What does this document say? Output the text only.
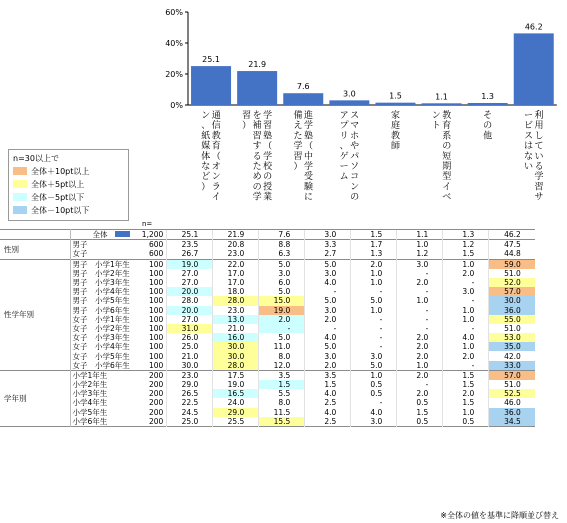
0%
20%
40%
60%
25.1
通信教育（オンライン、紙媒体など）
21.9
学習塾（学校の授業を補習するための学習）
7.6
進学塾（中学受験に備えた学習）
3.0
スマホやパソコンのアプリ、ゲーム
1.5
家庭教師
1.1
教育系の短期型イベント
1.3
その他
46.2
利用している学習サービスはない
n=30以上で
全体＋10pt以上
全体＋5pt以上
全体－5pt以下
全体－10pt以下
n=
	全体	1,200	25.1	21.9	7.6	3.0	1.5	1.1	1.3	46.2
性別	男子	600	23.5	20.8	8.8	3.3	1.7	1.0	1.2	47.5
	女子	600	26.7	23.0	6.3	2.7	1.3	1.2	1.5	44.8
性学年別	男子　小学1年生	100	19.0	22.0	5.0	5.0	2.0	3.0	1.0	59.0
	男子　小学2年生	100	27.0	17.0	3.0	3.0	1.0	-	2.0	51.0
	男子　小学3年生	100	27.0	17.0	6.0	4.0	1.0	2.0	-	52.0
	男子　小学4年生	100	20.0	18.0	5.0	-	-	-	3.0	57.0
	男子　小学5年生	100	28.0	28.0	15.0	5.0	5.0	1.0	-	30.0
	男子　小学6年生	100	20.0	23.0	19.0	3.0	1.0	-	1.0	36.0
	女子　小学1年生	100	27.0	13.0	2.0	2.0	-	-	1.0	55.0
	女子　小学2年生	100	31.0	21.0	-	-	-	-	-	51.0
	女子　小学3年生	100	26.0	16.0	5.0	4.0	-	2.0	4.0	53.0
	女子　小学4年生	100	25.0	30.0	11.0	5.0	-	2.0	1.0	35.0
	女子　小学5年生	100	21.0	30.0	8.0	3.0	3.0	2.0	2.0	42.0
	女子　小学6年生	100	30.0	28.0	12.0	2.0	5.0	1.0	-	33.0
学年別	小学1年生	200	23.0	17.5	3.5	3.5	1.0	2.0	1.5	57.0
	小学2年生	200	29.0	19.0	1.5	1.5	0.5	-	1.5	51.0
	小学3年生	200	26.5	16.5	5.5	4.0	0.5	2.0	2.0	52.5
	小学4年生	200	22.5	24.0	8.0	2.5	-	0.5	1.5	46.0
	小学5年生	200	24.5	29.0	11.5	4.0	4.0	1.5	1.0	36.0
	小学6年生	200	25.0	25.5	15.5	2.5	3.0	0.5	0.5	34.5
※全体の値を基準に降順並び替え
